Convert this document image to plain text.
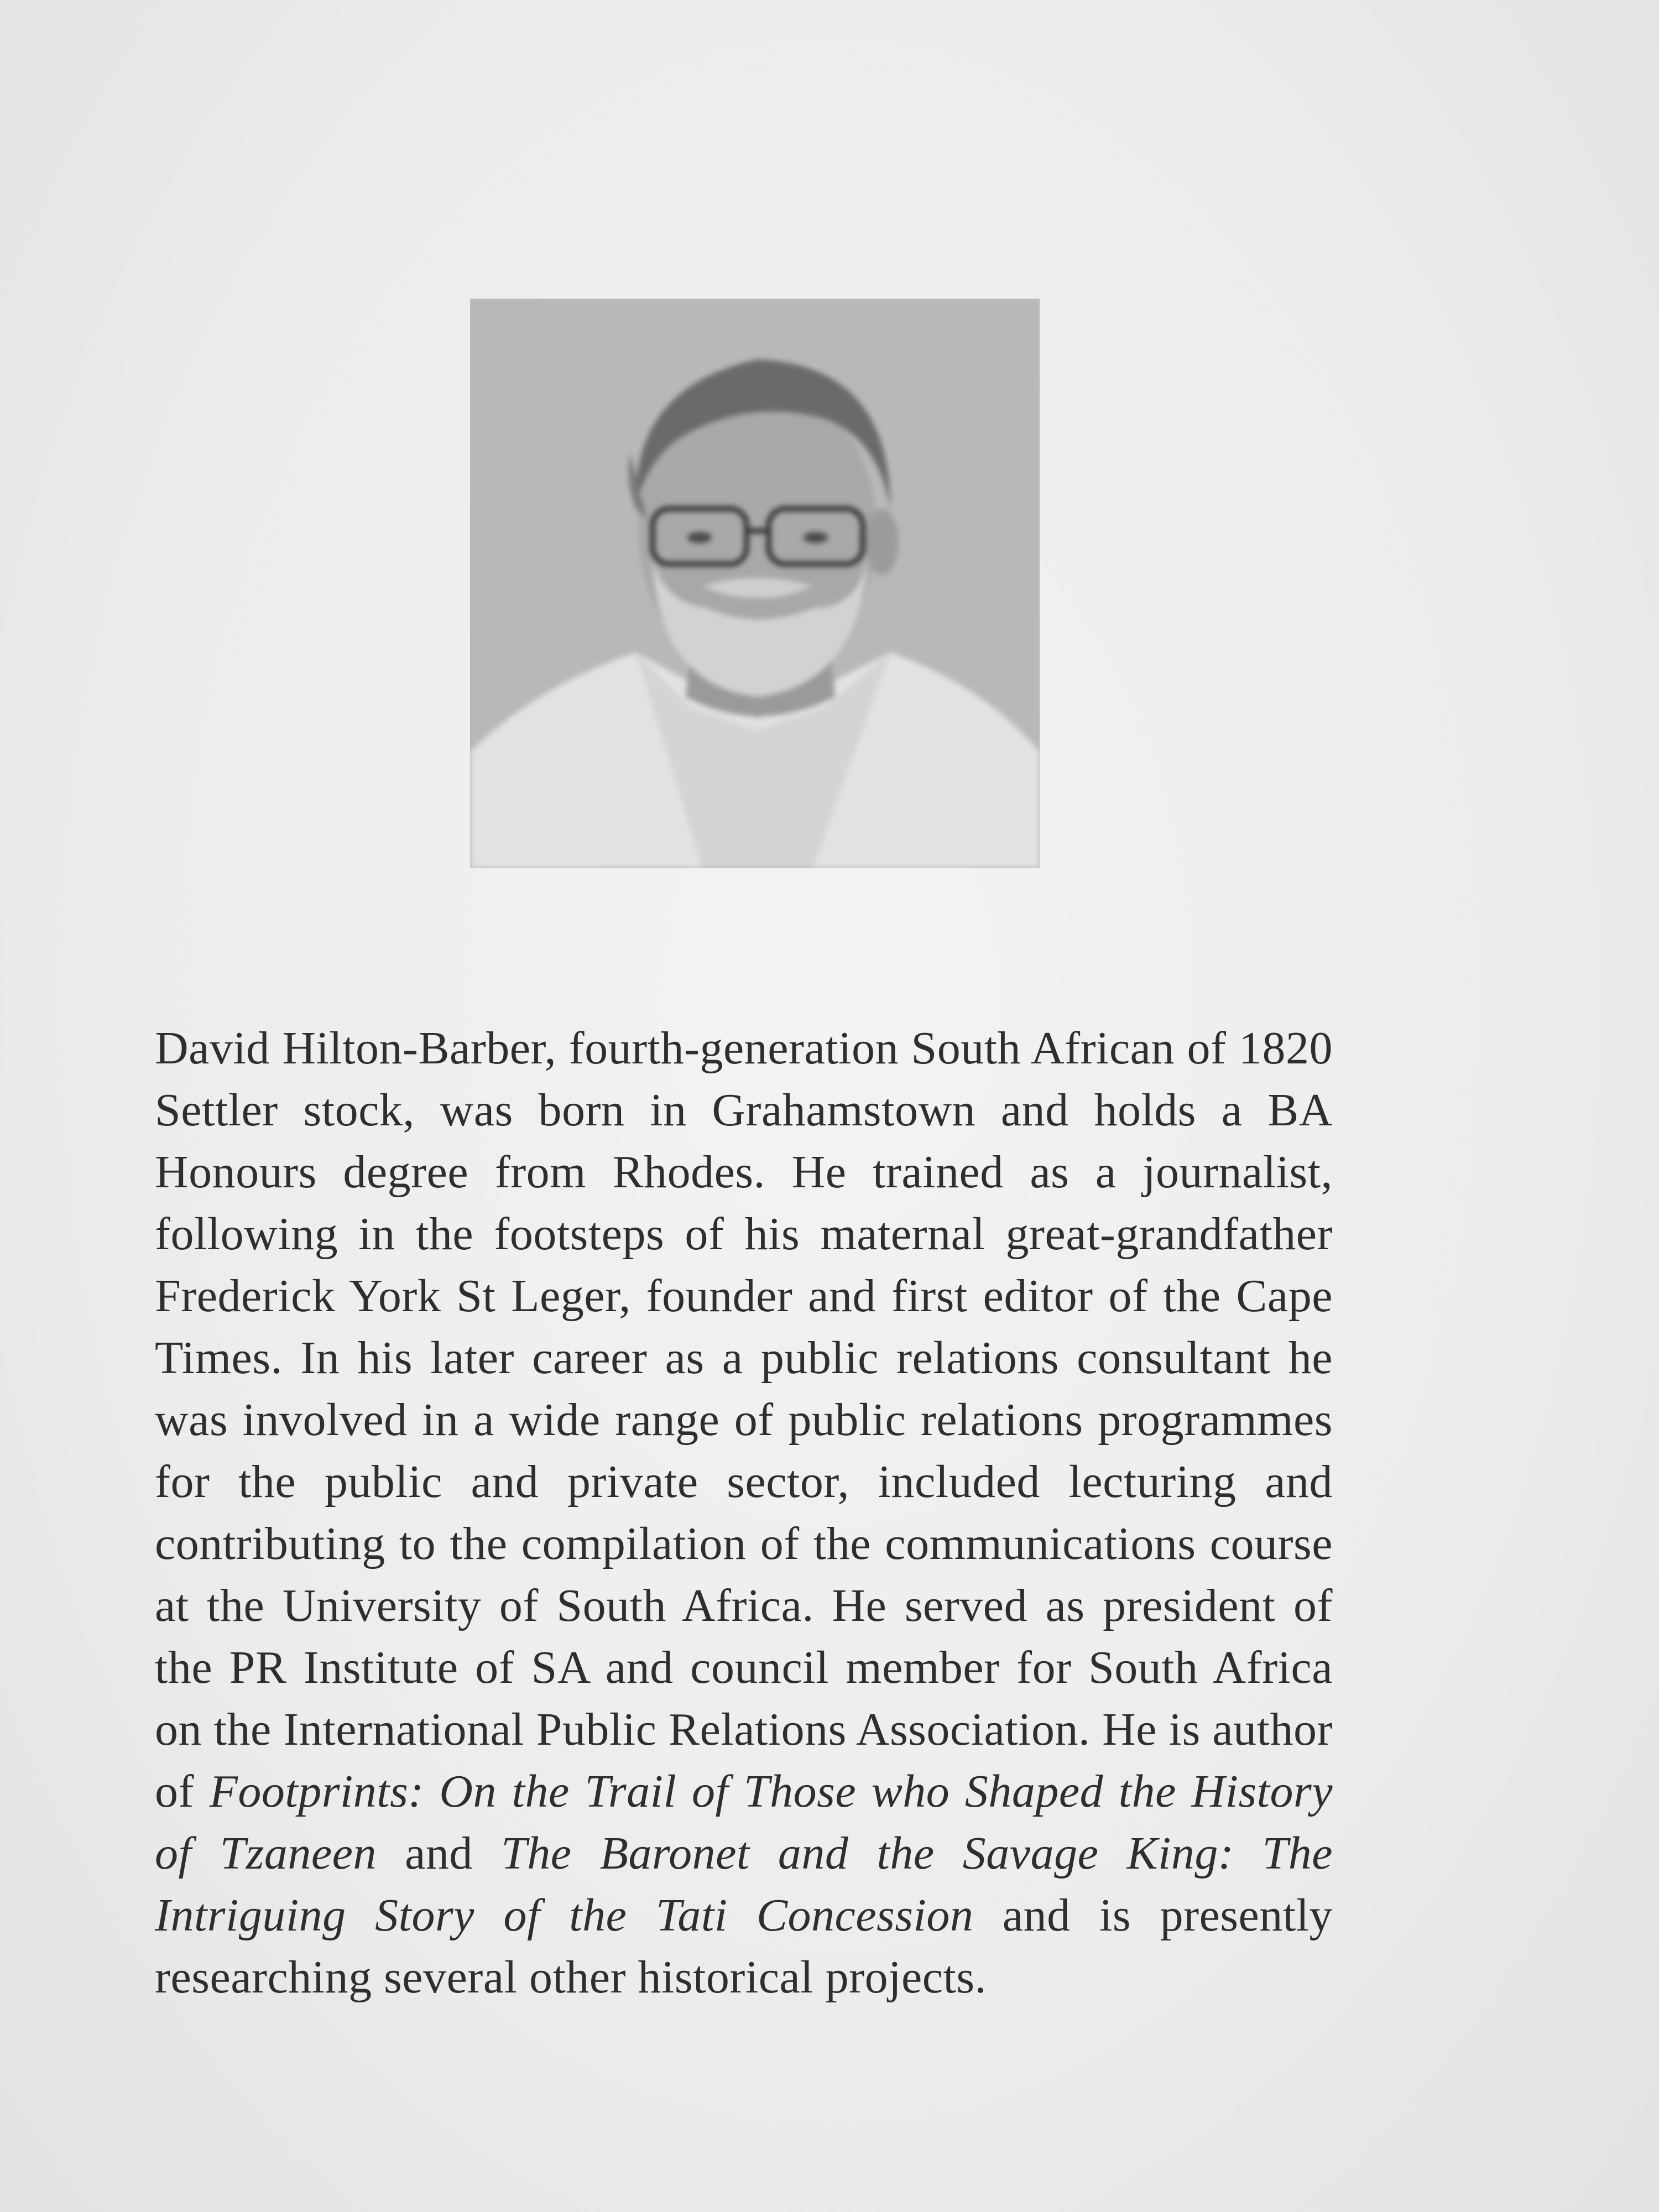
David Hilton-Barber, fourth-generation South African of 1820 Settler stock, was born in Grahamstown and holds a BA Honours degree from Rhodes. He trained as a journalist, following in the footsteps of his maternal great-grandfather Frederick York St Leger, founder and first editor of the Cape Times. In his later career as a public relations consultant he was involved in a wide range of public relations programmes for the public and private sector, included lecturing and contributing to the compilation of the communications course at the University of South Africa. He served as president of the PR Institute of SA and council member for South Africa on the International Public Relations Association. He is author of Footprints: On the Trail of Those who Shaped the History of Tzaneen and The Baronet and the Savage King: The Intriguing Story of the Tati Concession and is presently researching several other historical projects.
